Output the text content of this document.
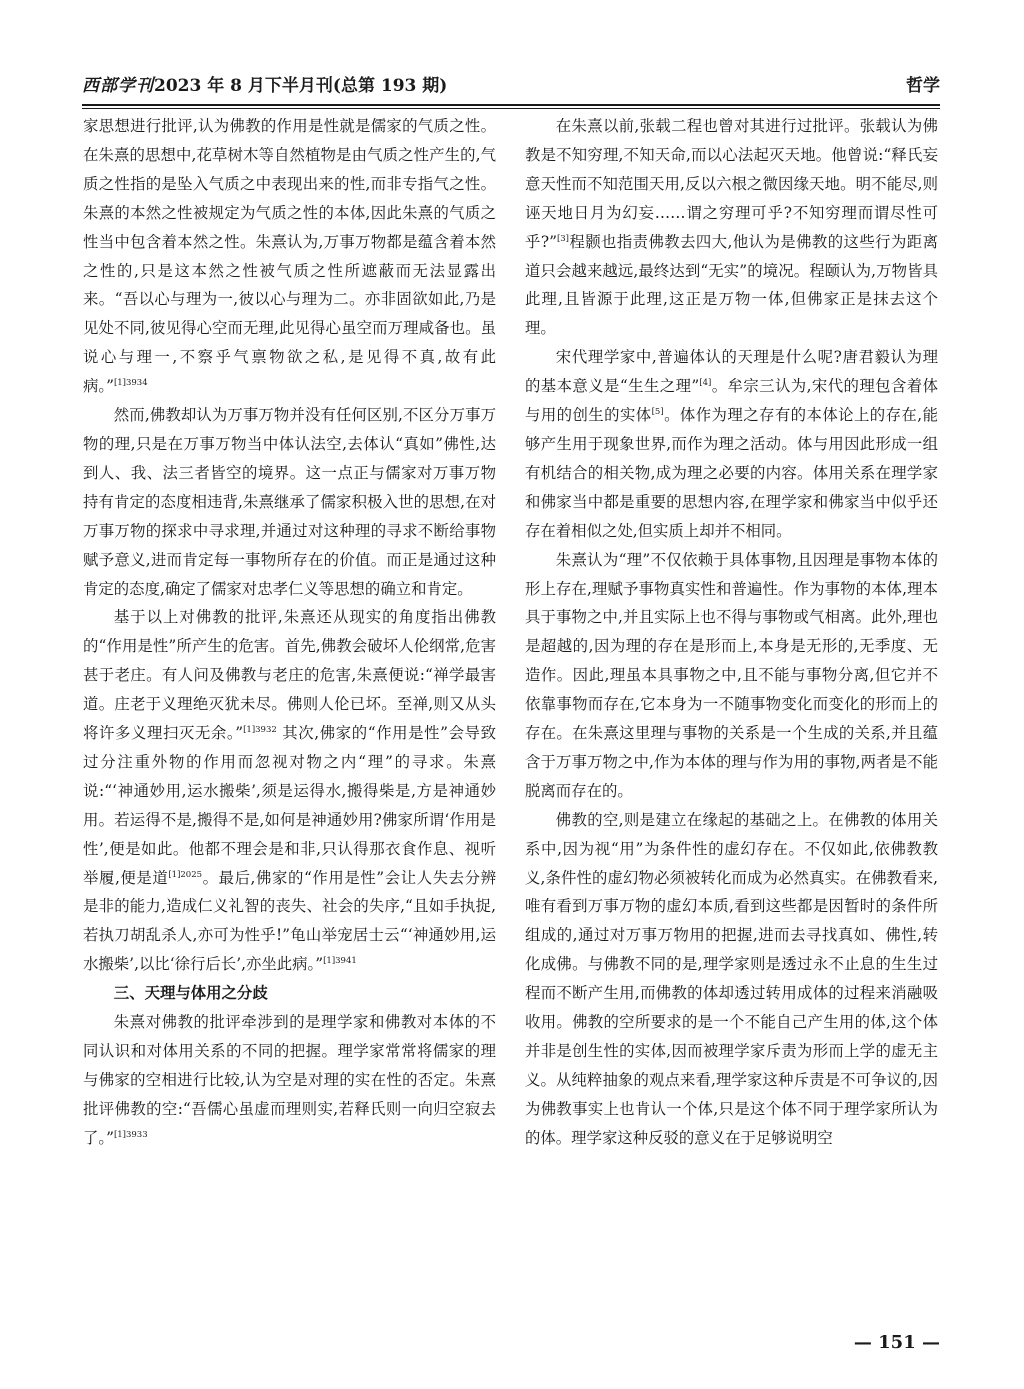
西部学刊2023 年 8 月下半月刊(总第 193 期)	哲学

家思想进行批评,认为佛教的作用是性就是儒家的气质之性。在朱熹的思想中,花草树木等自然植物是由气质之性产生的,气质之性指的是坠入气质之中表现出来的性,而非专指气之性。朱熹的本然之性被规定为气质之性的本体,因此朱熹的气质之性当中包含着本然之性。朱熹认为,万事万物都是蕴含着本然之性的,只是这本然之性被气质之性所遮蔽而无法显露出来。“吾以心与理为一,彼以心与理为二。亦非固欲如此,乃是见处不同,彼见得心空而无理,此见得心虽空而万理咸备也。虽说心与理一,不察乎气禀物欲之私,是见得不真,故有此病。”$^{[1]3934}$

然而,佛教却认为万事万物并没有任何区别,不区分万事万物的理,只是在万事万物当中体认法空,去体认“真如”佛性,达到人、我、法三者皆空的境界。这一点正与儒家对万事万物持有肯定的态度相违背,朱熹继承了儒家积极入世的思想,在对万事万物的探求中寻求理,并通过对这种理的寻求不断给事物赋予意义,进而肯定每一事物所存在的价值。而正是通过这种肯定的态度,确定了儒家对忠孝仁义等思想的确立和肯定。

基于以上对佛教的批评,朱熹还从现实的角度指出佛教的“作用是性”所产生的危害。首先,佛教会破坏人伦纲常,危害甚于老庄。有人问及佛教与老庄的危害,朱熹便说:“禅学最害道。庄老于义理绝灭犹未尽。佛则人伦已坏。至禅,则又从头将许多义理扫灭无余。”$^{[1]3932}$ 其次,佛家的“作用是性”会导致过分注重外物的作用而忽视对物之内“理”的寻求。朱熹说:“‘神通妙用,运水搬柴’,须是运得水,搬得柴是,方是神通妙用。若运得不是,搬得不是,如何是神通妙用?佛家所谓‘作用是性’,便是如此。他都不理会是和非,只认得那衣食作息、视听举履,便是道$^{[1]2025}$。最后,佛家的“作用是性”会让人失去分辨是非的能力,造成仁义礼智的丧失、社会的失序,“且如手执捉,若执刀胡乱杀人,亦可为性乎!”龟山举宠居士云“‘神通妙用,运水搬柴’,以比‘徐行后长’,亦坐此病。”$^{[1]3941}$

三、天理与体用之分歧

朱熹对佛教的批评牵涉到的是理学家和佛教对本体的不同认识和对体用关系的不同的把握。理学家常常将儒家的理与佛家的空相进行比较,认为空是对理的实在性的否定。朱熹批评佛教的空:“吾儒心虽虚而理则实,若释氏则一向归空寂去了。”$^{[1]3933}$

在朱熹以前,张载二程也曾对其进行过批评。张载认为佛教是不知穷理,不知天命,而以心法起灭天地。他曾说:“释氏妄意天性而不知范围天用,反以六根之微因缘天地。明不能尽,则诬天地日月为幻妄……谓之穷理可乎?不知穷理而谓尽性可乎?”[3]程颢也指责佛教去四大,他认为是佛教的这些行为距离道只会越来越远,最终达到“无实”的境况。程颐认为,万物皆具此理,且皆源于此理,这正是万物一体,但佛家正是抹去这个理。

宋代理学家中,普遍体认的天理是什么呢?唐君毅认为理的基本意义是“生生之理”[4]。牟宗三认为,宋代的理包含着体与用的创生的实体[5]。体作为理之存有的本体论上的存在,能够产生用于现象世界,而作为理之活动。体与用因此形成一组有机结合的相关物,成为理之必要的内容。体用关系在理学家和佛家当中都是重要的思想内容,在理学家和佛家当中似乎还存在着相似之处,但实质上却并不相同。

朱熹认为“理”不仅依赖于具体事物,且因理是事物本体的形上存在,理赋予事物真实性和普遍性。作为事物的本体,理本具于事物之中,并且实际上也不得与事物或气相离。此外,理也是超越的,因为理的存在是形而上,本身是无形的,无季度、无造作。因此,理虽本具事物之中,且不能与事物分离,但它并不依靠事物而存在,它本身为一不随事物变化而变化的形而上的存在。在朱熹这里理与事物的关系是一个生成的关系,并且蕴含于万事万物之中,作为本体的理与作为用的事物,两者是不能脱离而存在的。

佛教的空,则是建立在缘起的基础之上。在佛教的体用关系中,因为视“用”为条件性的虚幻存在。不仅如此,依佛教教义,条件性的虚幻物必须被转化而成为必然真实。在佛教看来,唯有看到万事万物的虚幻本质,看到这些都是因暂时的条件所组成的,通过对万事万物用的把握,进而去寻找真如、佛性,转化成佛。与佛教不同的是,理学家则是透过永不止息的生生过程而不断产生用,而佛教的体却透过转用成体的过程来消融吸收用。佛教的空所要求的是一个不能自己产生用的体,这个体并非是创生性的实体,因而被理学家斥责为形而上学的虚无主义。从纯粹抽象的观点来看,理学家这种斥责是不可争议的,因为佛教事实上也肯认一个体,只是这个体不同于理学家所认为的体。理学家这种反驳的意义在于足够说明空

— 151 —
